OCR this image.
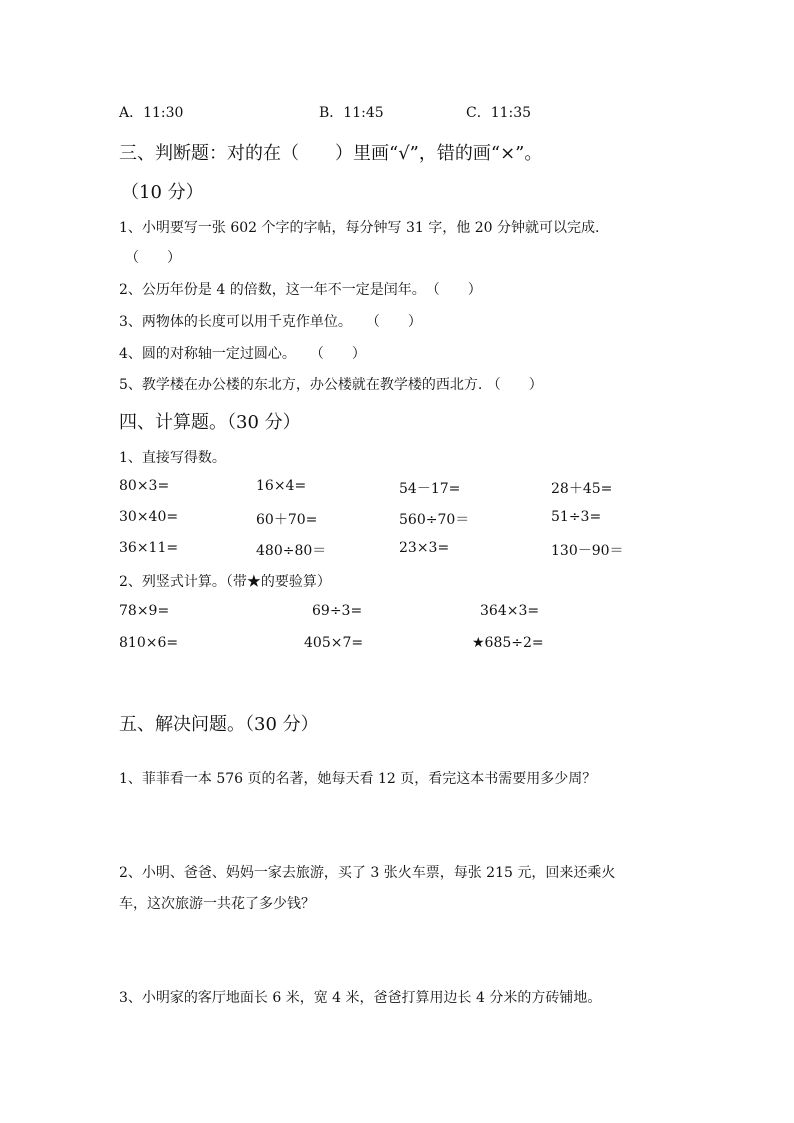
A．11:30	B．11:45	C．11:35
三、判断题：对的在（　　）里画“√”，错的画“×”。
（10 分）
1、小明要写一张 602 个字的字帖，每分钟写 31 字，他 20 分钟就可以完成.
（　　）
2、公历年份是 4 的倍数，这一年不一定是闰年。　（　　）
3、两物体的长度可以用千克作单位。　　（　　）
4、圆的对称轴一定过圆心。　　（　　）
5、教学楼在办公楼的东北方，办公楼就在教学楼的西北方. （　　）
四、计算题。（30 分）
1、直接写得数。
80×3=	16×4=	54－17=	28＋45=
30×40=	60＋70=	560÷70＝	51÷3=
36×11=	480÷80＝	23×3=	130－90＝
2、列竖式计算。（带★的要验算）
78×9=	69÷3=	364×3=
810×6=	405×7=	★685÷2=
五、解决问题。（30 分）
1、菲菲看一本 576 页的名著，她每天看 12 页，看完这本书需要用多少周？
2、小明、爸爸、妈妈一家去旅游，买了 3 张火车票，每张 215 元，回来还乘火
车，这次旅游一共花了多少钱？
3、小明家的客厅地面长 6 米，宽 4 米，爸爸打算用边长 4 分米的方砖铺地。
